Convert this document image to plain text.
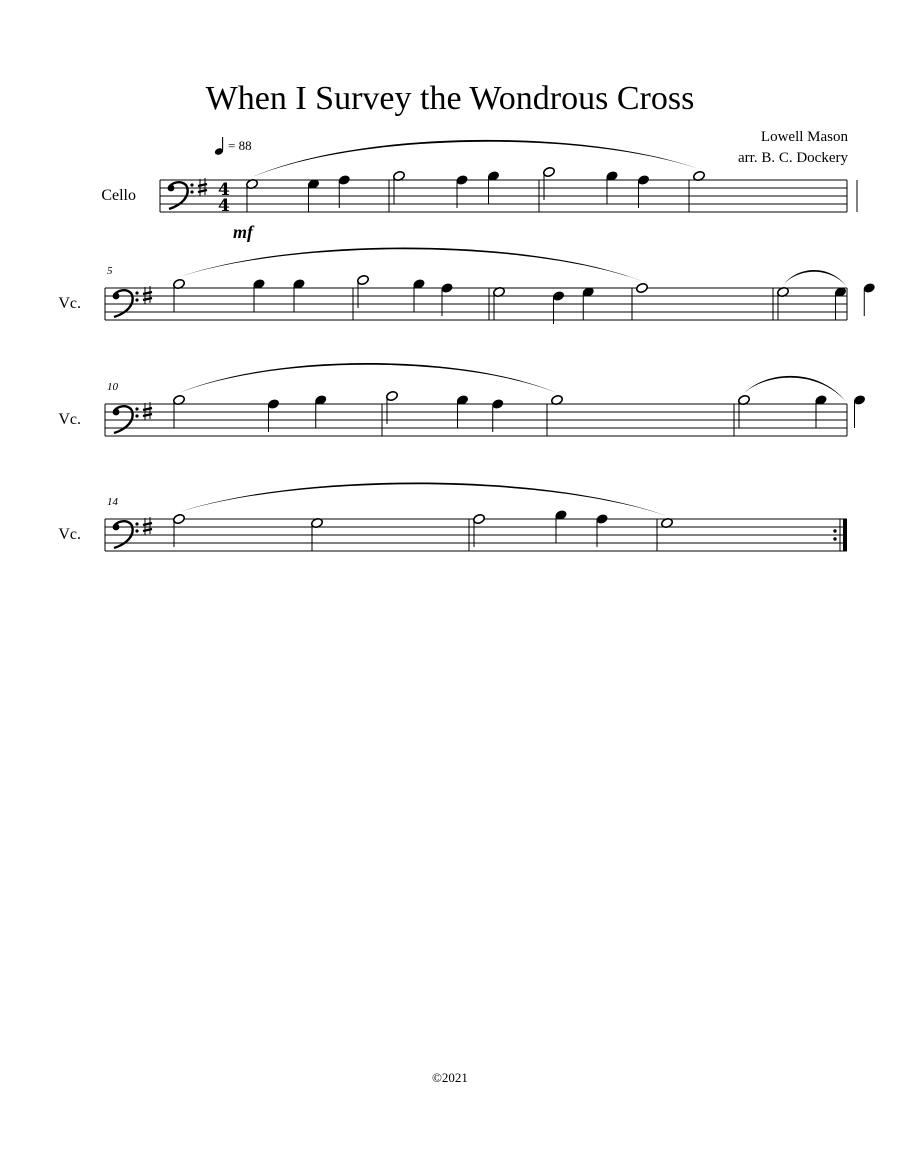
When I Survey the Wondrous Cross
Lowell Mason
arr. B. C. Dockery
= 88
Cello	4
4
mf
Vc.
5
Vc.
10
Vc.
14
©2021
